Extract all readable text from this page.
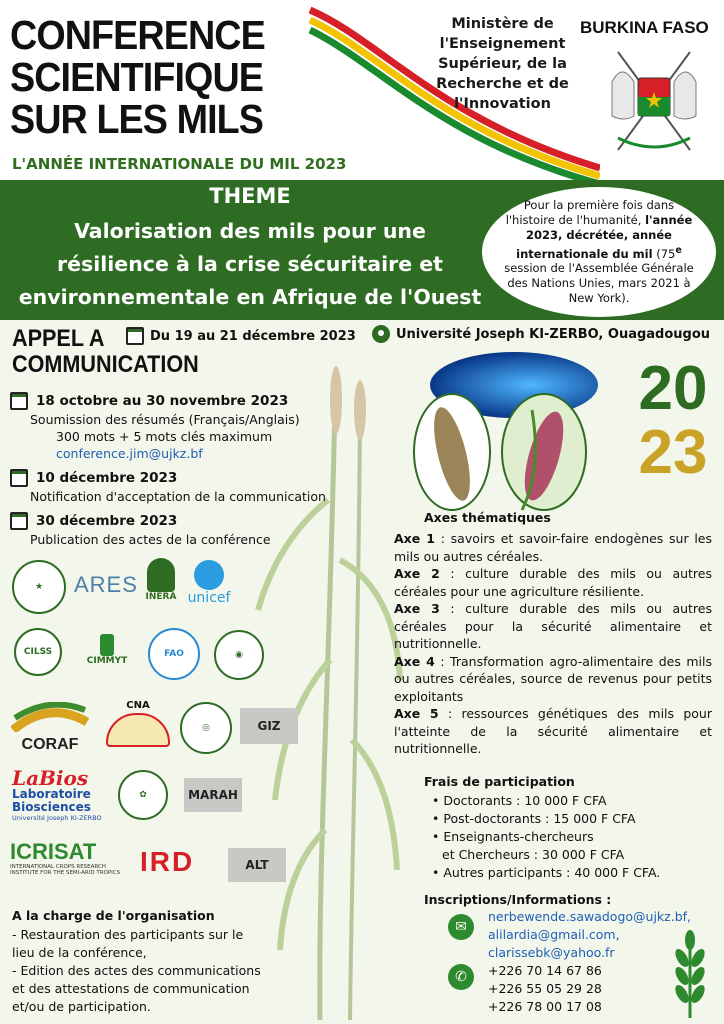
CONFERENCE
SCIENTIFIQUE
SUR LES MILS
L'ANNÉE INTERNATIONALE DU MIL 2023
Ministère de
l'Enseignement
Supérieur, de la
Recherche et de
l'Innovation
BURKINA FASO
THEME
Valorisation des mils pour une
résilience à la crise sécuritaire et
environnementale en Afrique de l'Ouest
Pour la première fois dans l'histoire de l'humanité, l'année 2023, décrétée, année internationale du mil (75e session de l'Assemblée Générale des Nations Unies, mars 2021 à New York).
APPEL A
COMMUNICATION
Du 19 au 21 décembre 2023	Université Joseph KI-ZERBO, Ouagadougou
18 octobre au 30 novembre 2023
Soumission des résumés (Français/Anglais)
300 mots + 5 mots clés maximum
conference.jim@ujkz.bf
10 décembre 2023
Notification d'acceptation de la communication
30 décembre 2023
Publication des actes de la conférence
20
23
Axes thématiques
Axe 1 : savoirs et savoir-faire endogènes sur les mils ou autres céréales.
Axe 2 : culture durable des mils ou autres céréales pour une agriculture résiliente.
Axe 3 : culture durable des mils ou autres céréales pour la sécurité alimentaire et nutritionnelle.
Axe 4 : Transformation agro-alimentaire des mils ou autres céréales, source de revenus pour petits exploitants
Axe 5 : ressources génétiques des mils pour l'atteinte de la sécurité alimentaire et nutritionnelle.
Frais de participation
• Doctorants : 10 000 F CFA
• Post-doctorants : 15 000 F CFA
• Enseignants-chercheurs
et Chercheurs : 30 000 F CFA
• Autres participants : 40 000 F CFA.
Inscriptions/Informations :
✉
nerbewende.sawadogo@ujkz.bf,
alilardia@gmail.com,
clarissebk@yahoo.fr
✆	+226 70 14 67 86
+226 55 05 29 28
+226 78 00 17 08
★	ARES INERA unicef
CILSS
CIMMYT
FAO	◉
CORAF
CNA
◎	GIZ
LaBios
Laboratoire
Biosciences
Université Joseph KI-ZERBO
✿	MARAH
ICRISAT
INTERNATIONAL CROPS RESEARCH
INSTITUTE FOR THE SEMI-ARID TROPICS IRD	ALT
A la charge de l'organisation
- Restauration des participants sur le
lieu de la conférence,
- Edition des actes des communications
et des attestations de communication
et/ou de participation.
